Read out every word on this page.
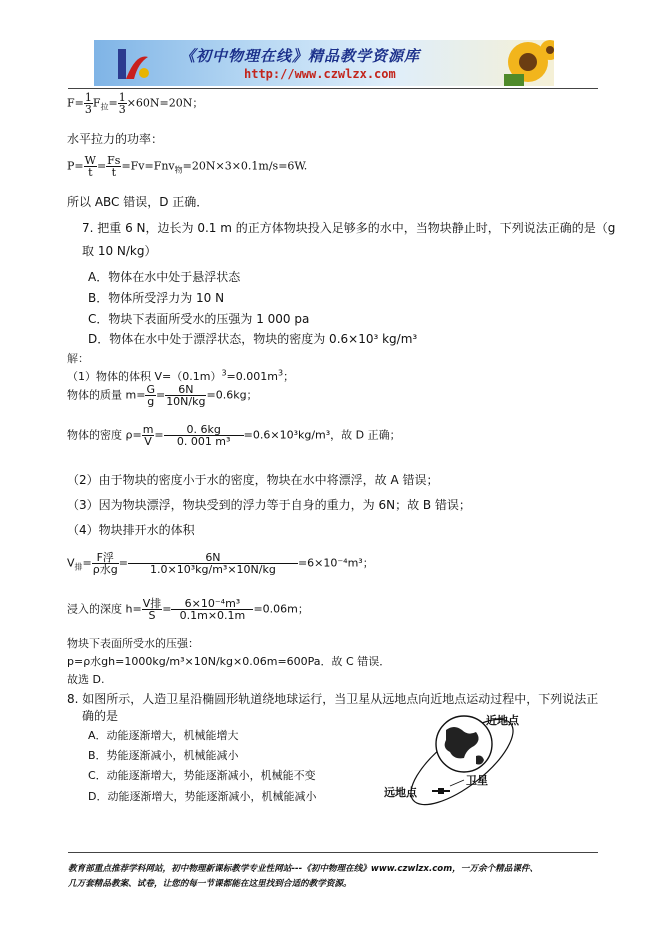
《初中物理在线》精品教学资源库
http://www.czwlzx.com
$F= \frac{1}{3} F_拉= \frac{1}{3} \times 60N=20N$；
水平拉力的功率：
$P= \frac{W}{t} = \frac{Fs}{t} =Fv=Fnv_物=20N\times 3\times 0.1m/s=6W$.
所以 ABC 错误，D 正确．
7. 把重 6 N，边长为 0.1 m 的正方体物块投入足够多的水中，当物块静止时，下列说法正确的是（g
取 10 N/kg）
A．物体在水中处于悬浮状态
B．物体所受浮力为 10 N
C．物块下表面所受水的压强为 1 000 pa
D．物体在水中处于漂浮状态，物块的密度为 0.6×10³ kg/m³
解：
（1）物体的体积 $V=(0.1m)^3=0.001m^3$；
物体的质量 $m= \frac{G}{g} = \frac{6N}{10N/kg} =0.6kg$；
物体的密度 $\rho= \frac{m}{V} = \frac{0. 6kg}{\text{0. 001 m³}} =0.6\times 10^3kg/m^3$，故 D 正确；
（2）由于物块的密度小于水的密度，物块在水中将漂浮，故 A 错误；
（3）因为物块漂浮，物块受到的浮力等于自身的重力，为 6N；故 B 错误；
（4）物块排开水的体积
$V_排= \frac{\text{F浮}}{\text{ρ水g}} = \frac{6N}{\text{1.0×10³kg/m³×10N/kg}} =6\times 10^{-4}m^3$；
浸入的深度 $h= \frac{\text{V排}}{S} = \frac{\text{6×10⁻⁴m³}}{0.1m\times 0.1m} =0.06m$；
物块下表面所受水的压强：
p=ρ水gh=1000kg/m³×10N/kg×0.06m=600Pa．故 C 错误．
故选 D.
8. 如图所示，人造卫星沿椭圆形轨道绕地球运行，当卫星从远地点向近地点运动过程中，下列说法正
确的是
A．动能逐渐增大，机械能增大
B．势能逐渐减小，机械能减小
C．动能逐渐增大，势能逐渐减小，机械能不变
D．动能逐渐增大，势能逐渐减小，机械能减小
近地点
卫星
远地点
教育部重点推荐学科网站，初中物理新课标教学专业性网站---《初中物理在线》www.czwlzx.com，一万余个精品课件、
几万套精品教案、试卷，让您的每一节课都能在这里找到合适的教学资源。
